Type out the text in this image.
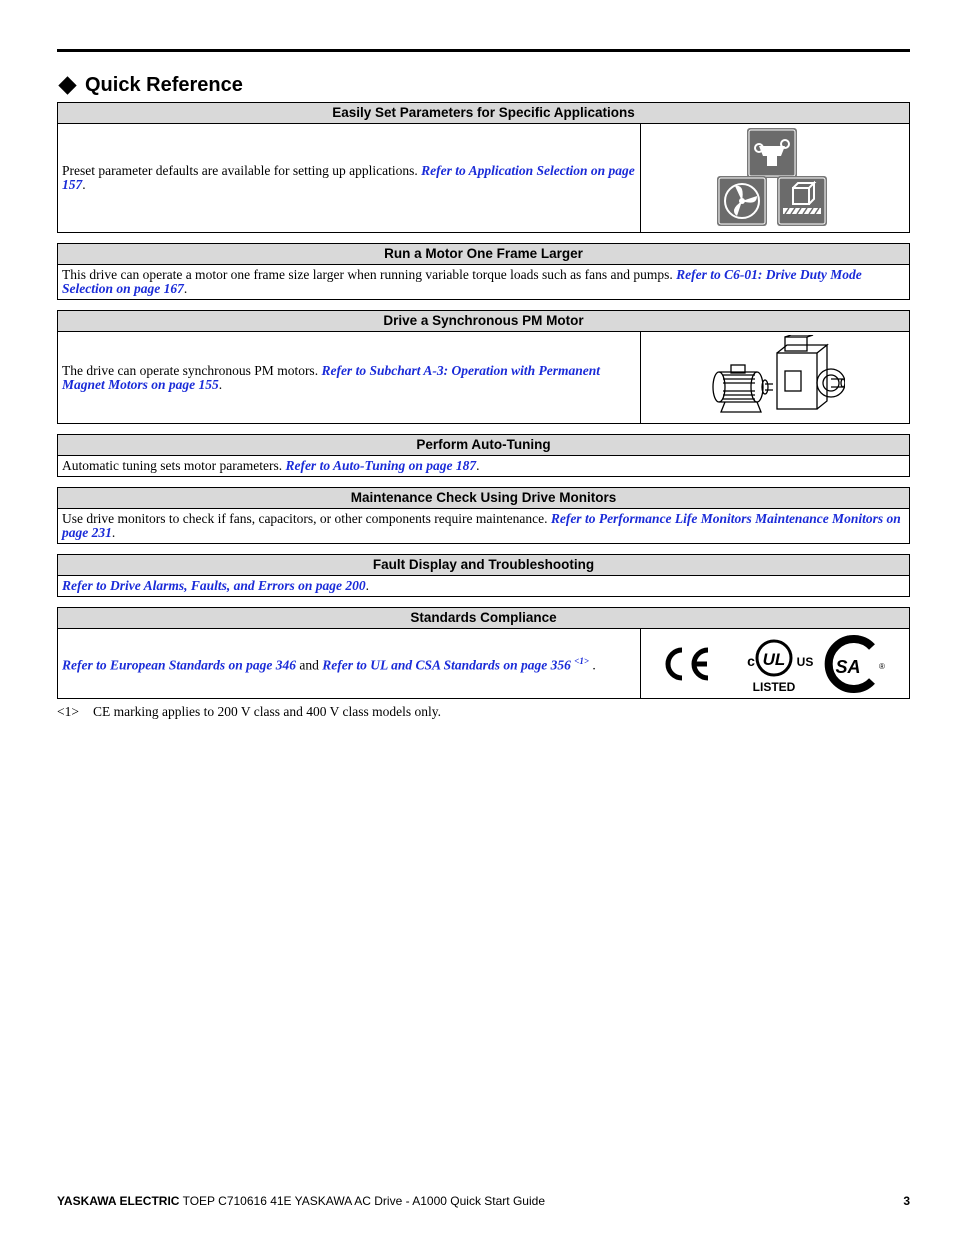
Quick Reference
Easily Set Parameters for Specific Applications
Preset parameter defaults are available for setting up applications. Refer to Application Selection on page 157.
Run a Motor One Frame Larger
This drive can operate a motor one frame size larger when running variable torque loads such as fans and pumps. Refer to C6-01: Drive Duty Mode Selection on page 167.
Drive a Synchronous PM Motor
The drive can operate synchronous PM motors. Refer to Subchart A-3: Operation with Permanent Magnet Motors on page 155.
Perform Auto-Tuning
Automatic tuning sets motor parameters. Refer to Auto-Tuning on page 187.
Maintenance Check Using Drive Monitors
Use drive monitors to check if fans, capacitors, or other components require maintenance. Refer to Performance Life Monitors Maintenance Monitors on page 231.
Fault Display and Troubleshooting
Refer to Drive Alarms, Faults, and Errors on page 200.
Standards Compliance
Refer to European Standards on page 346 and Refer to UL and CSA Standards on page 356 $^{<1>}$ .	UL
c	US
LISTED
SA ®
<1> CE marking applies to 200 V class and 400 V class models only.
YASKAWA ELECTRIC TOEP C710616 41E YASKAWA AC Drive - A1000 Quick Start Guide	3
